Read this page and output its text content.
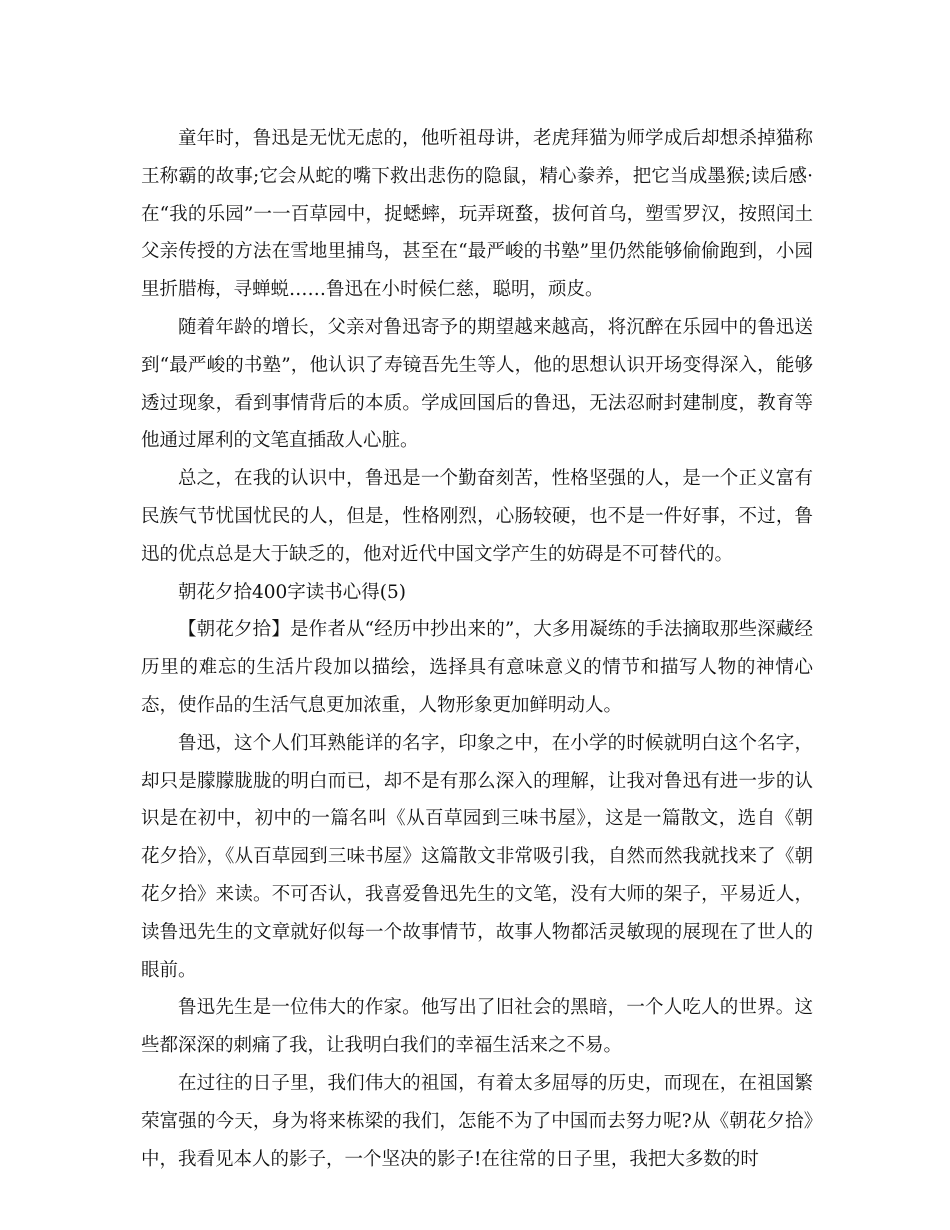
童年时，鲁迅是无忧无虑的，他听祖母讲，老虎拜猫为师学成后却想杀掉猫称王称霸的故事;它会从蛇的嘴下救出悲伤的隐鼠，精心豢养，把它当成墨猴;读后感·在“我的乐园”一一百草园中，捉蟋蟀，玩弄斑蝥，拔何首乌，塑雪罗汉，按照闰土父亲传授的方法在雪地里捕鸟，甚至在“最严峻的书塾”里仍然能够偷偷跑到，小园里折腊梅，寻蝉蜕……鲁迅在小时候仁慈，聪明，顽皮。

随着年龄的增长，父亲对鲁迅寄予的期望越来越高，将沉醉在乐园中的鲁迅送到“最严峻的书塾”，他认识了寿镜吾先生等人，他的思想认识开场变得深入，能够透过现象，看到事情背后的本质。学成回国后的鲁迅，无法忍耐封建制度，教育等他通过犀利的文笔直插敌人心脏。

总之，在我的认识中，鲁迅是一个勤奋刻苦，性格坚强的人，是一个正义富有民族气节忧国忧民的人，但是，性格刚烈，心肠较硬，也不是一件好事，不过，鲁迅的优点总是大于缺乏的，他对近代中国文学产生的妨碍是不可替代的。

朝花夕拾400字读书心得(5)

【朝花夕拾】是作者从“经历中抄出来的”，大多用凝练的手法摘取那些深藏经历里的难忘的生活片段加以描绘，选择具有意味意义的情节和描写人物的神情心态，使作品的生活气息更加浓重，人物形象更加鲜明动人。

鲁迅，这个人们耳熟能详的名字，印象之中，在小学的时候就明白这个名字，却只是朦朦胧胧的明白而已，却不是有那么深入的理解，让我对鲁迅有进一步的认识是在初中，初中的一篇名叫《从百草园到三味书屋》，这是一篇散文，选自《朝花夕拾》，《从百草园到三味书屋》这篇散文非常吸引我，自然而然我就找来了《朝花夕拾》来读。不可否认，我喜爱鲁迅先生的文笔，没有大师的架子，平易近人，读鲁迅先生的文章就好似每一个故事情节，故事人物都活灵敏现的展现在了世人的眼前。

鲁迅先生是一位伟大的作家。他写出了旧社会的黑暗，一个人吃人的世界。这些都深深的刺痛了我，让我明白我们的幸福生活来之不易。

在过往的日子里，我们伟大的祖国，有着太多屈辱的历史，而现在，在祖国繁荣富强的今天，身为将来栋梁的我们，怎能不为了中国而去努力呢?从《朝花夕拾》中，我看见本人的影子，一个坚决的影子!在往常的日子里，我把大多数的时
